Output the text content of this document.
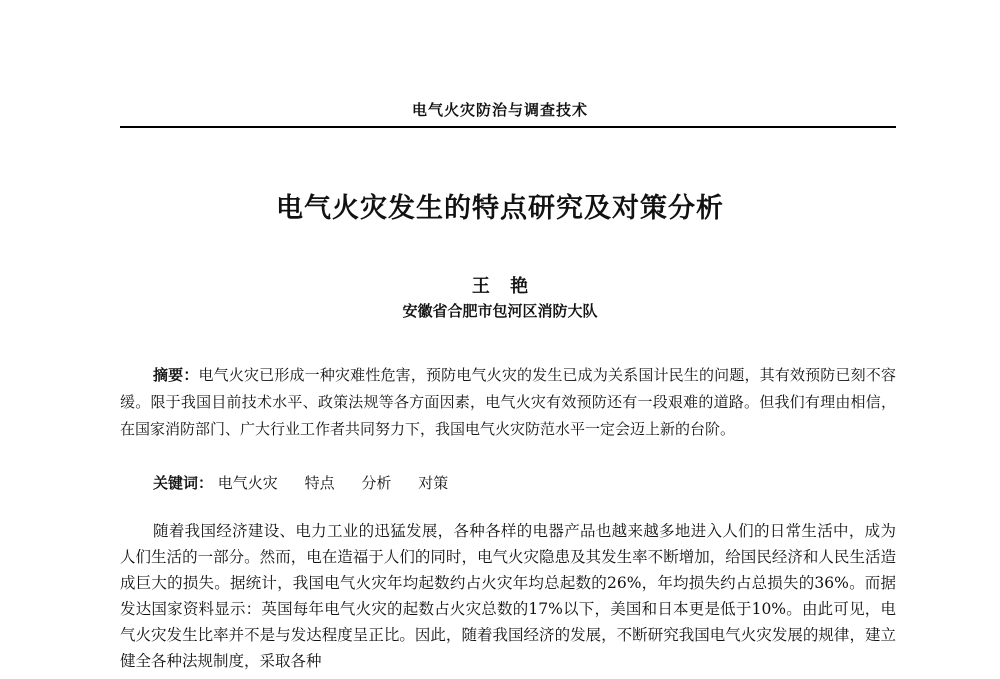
电气火灾防治与调查技术
电气火灾发生的特点研究及对策分析
王 艳
安徽省合肥市包河区消防大队
摘要：电气火灾已形成一种灾难性危害，预防电气火灾的发生已成为关系国计民生的问题，其有效预防已刻不容缓。限于我国目前技术水平、政策法规等各方面因素，电气火灾有效预防还有一段艰难的道路。但我们有理由相信，在国家消防部门、广大行业工作者共同努力下，我国电气火灾防范水平一定会迈上新的台阶。
关键词： 电气火灾 特点 分析 对策
随着我国经济建设、电力工业的迅猛发展，各种各样的电器产品也越来越多地进入人们的日常生活中，成为人们生活的一部分。然而，电在造福于人们的同时，电气火灾隐患及其发生率不断增加，给国民经济和人民生活造成巨大的损失。据统计，我国电气火灾年均起数约占火灾年均总起数的26%，年均损失约占总损失的36%。而据发达国家资料显示：英国每年电气火灾的起数占火灾总数的17%以下，美国和日本更是低于10%。由此可见，电气火灾发生比率并不是与发达程度呈正比。因此，随着我国经济的发展，不断研究我国电气火灾发展的规律，建立健全各种法规制度，采取各种
